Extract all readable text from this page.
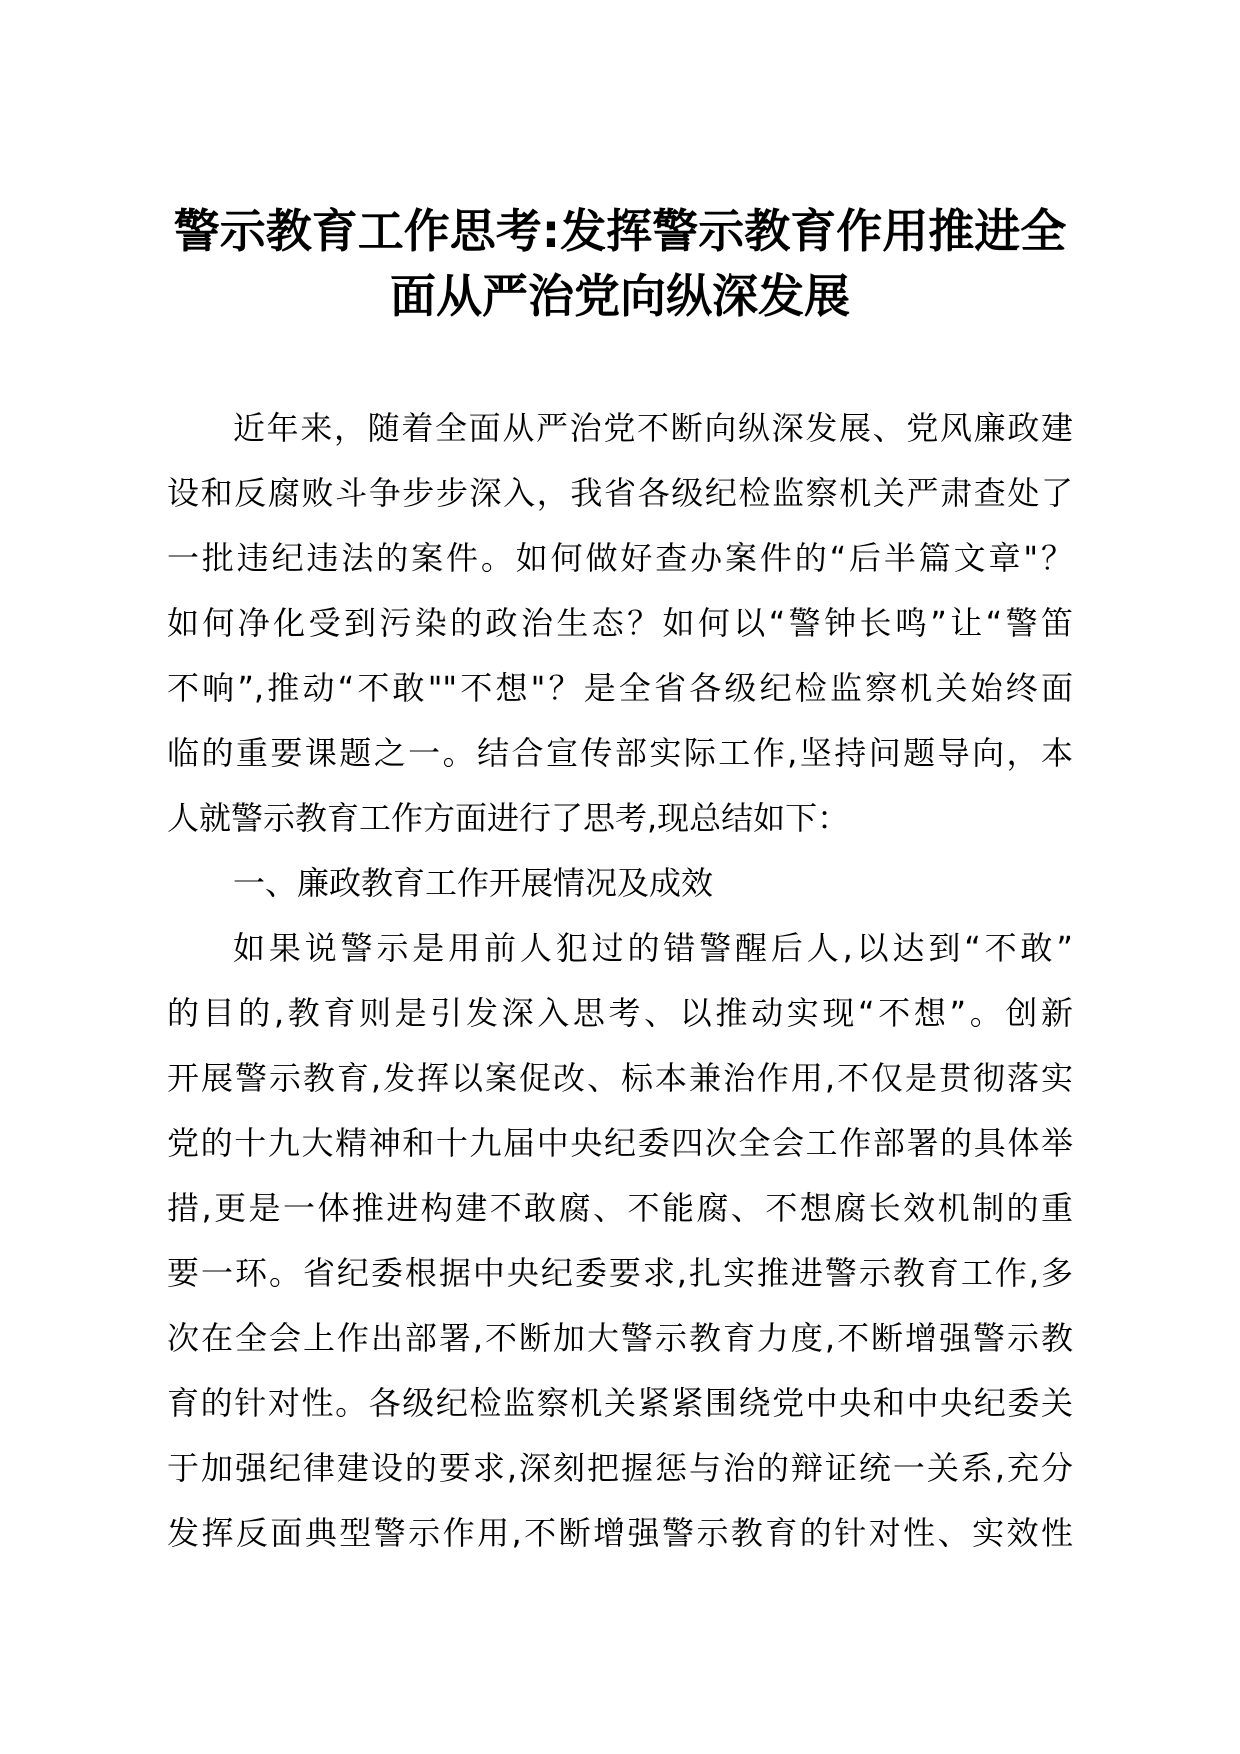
警示教育工作思考:发挥警示教育作用推进全
面从严治党向纵深发展
近年来，随着全面从严治党不断向纵深发展、党风廉政建
设和反腐败斗争步步深入，我省各级纪检监察机关严肃查处了
一批违纪违法的案件。如何做好查办案件的“后半篇文章"？
如何净化受到污染的政治生态？如何以“警钟长鸣”让“警笛
不响”,推动“不敢""不想"？是全省各级纪检监察机关始终面
临的重要课题之一。结合宣传部实际工作,坚持问题导向，本
人就警示教育工作方面进行了思考,现总结如下：
一、廉政教育工作开展情况及成效
如果说警示是用前人犯过的错警醒后人,以达到“不敢”
的目的,教育则是引发深入思考、以推动实现“不想”。创新
开展警示教育,发挥以案促改、标本兼治作用,不仅是贯彻落实
党的十九大精神和十九届中央纪委四次全会工作部署的具体举
措,更是一体推进构建不敢腐、不能腐、不想腐长效机制的重
要一环。省纪委根据中央纪委要求,扎实推进警示教育工作,多
次在全会上作出部署,不断加大警示教育力度,不断增强警示教
育的针对性。各级纪检监察机关紧紧围绕党中央和中央纪委关
于加强纪律建设的要求,深刻把握惩与治的辩证统一关系,充分
发挥反面典型警示作用,不断增强警示教育的针对性、实效性
